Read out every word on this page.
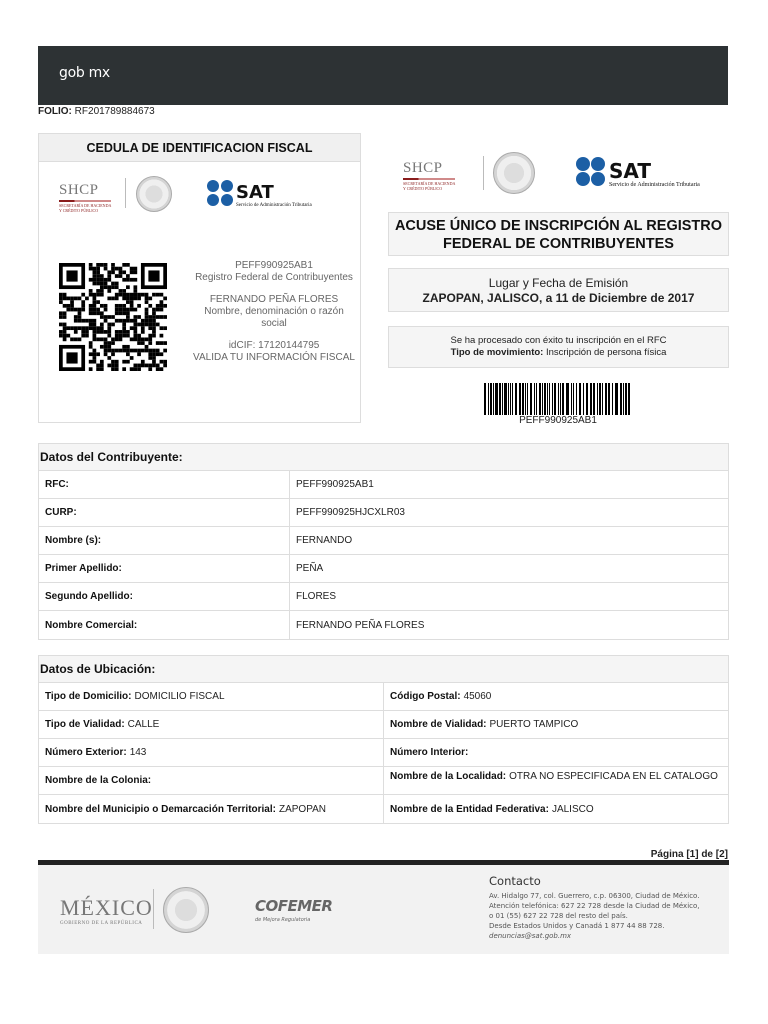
gob mx
FOLIO: RF201789884673
CEDULA DE IDENTIFICACION FISCAL
SHCP
SECRETARÍA DE HACIENDA
Y CRÉDITO PÚBLICO
SAT
Servicio de Administración Tributaria

PEFF990925AB1
Registro Federal de Contribuyentes

FERNANDO PEÑA FLORES
Nombre, denominación o razón social

idCIF: 17120144795
VALIDA TU INFORMACIÓN FISCAL

SHCP
SECRETARÍA DE HACIENDA
Y CRÉDITO PÚBLICO
SAT
Servicio de Administración Tributaria
ACUSE ÚNICO DE INSCRIPCIÓN AL REGISTRO FEDERAL DE CONTRIBUYENTES
Lugar y Fecha de Emisión
ZAPOPAN, JALISCO, a 11 de Diciembre de 2017
Se ha procesado con éxito tu inscripción en el RFC
Tipo de movimiento: Inscripción de persona física
PEFF990925AB1
Datos del Contribuyente:
RFC:	PEFF990925AB1
CURP:	PEFF990925HJCXLR03
Nombre (s):	FERNANDO
Primer Apellido:	PEÑA
Segundo Apellido:	FLORES
Nombre Comercial:	FERNANDO PEÑA FLORES
Datos de Ubicación:
Tipo de Domicilio: DOMICILIO FISCAL	Código Postal: 45060
Tipo de Vialidad: CALLE	Nombre de Vialidad: PUERTO TAMPICO
Número Exterior: 143	Número Interior:
Nombre de la Colonia:	Nombre de la Localidad: OTRA NO ESPECIFICADA EN EL CATALOGO
Nombre del Municipio o Demarcación Territorial: ZAPOPAN	Nombre de la Entidad Federativa: JALISCO
Página [1] de [2]
MÉXICO
GOBIERNO DE LA REPÚBLICA
COFEMER
de Mejora Regulatoria
Contacto
Av. Hidalgo 77, col. Guerrero, c.p. 06300, Ciudad de México.
Atención telefónica: 627 22 728 desde la Ciudad de México,
o 01 (55) 627 22 728 del resto del país.
Desde Estados Unidos y Canadá 1 877 44 88 728.
denuncias@sat.gob.mx
